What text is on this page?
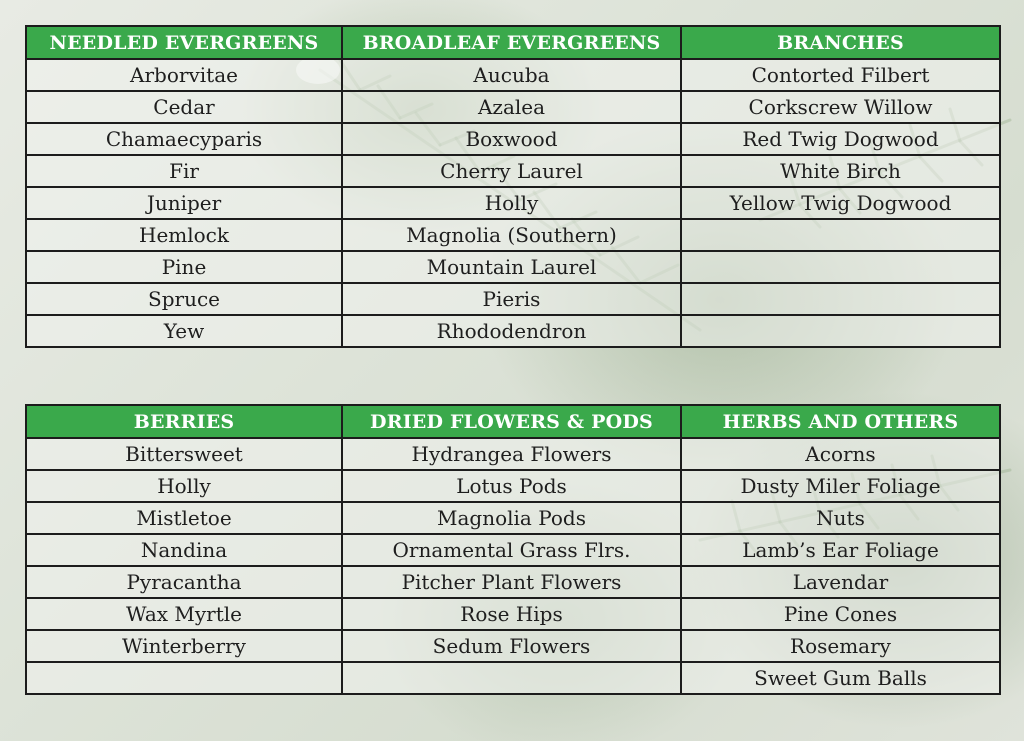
NEEDLED EVERGREENS	BROADLEAF EVERGREENS	BRANCHES
Arborvitae	Aucuba	Contorted Filbert
Cedar	Azalea	Corkscrew Willow
Chamaecyparis	Boxwood	Red Twig Dogwood
Fir	Cherry Laurel	White Birch
Juniper	Holly	Yellow Twig Dogwood
Hemlock	Magnolia (Southern)	
Pine	Mountain Laurel	
Spruce	Pieris	
Yew	Rhododendron	
BERRIES	DRIED FLOWERS & PODS	HERBS AND OTHERS
Bittersweet	Hydrangea Flowers	Acorns
Holly	Lotus Pods	Dusty Miler Foliage
Mistletoe	Magnolia Pods	Nuts
Nandina	Ornamental Grass Flrs.	Lamb’s Ear Foliage
Pyracantha	Pitcher Plant Flowers	Lavendar
Wax Myrtle	Rose Hips	Pine Cones
Winterberry	Sedum Flowers	Rosemary
		Sweet Gum Balls
